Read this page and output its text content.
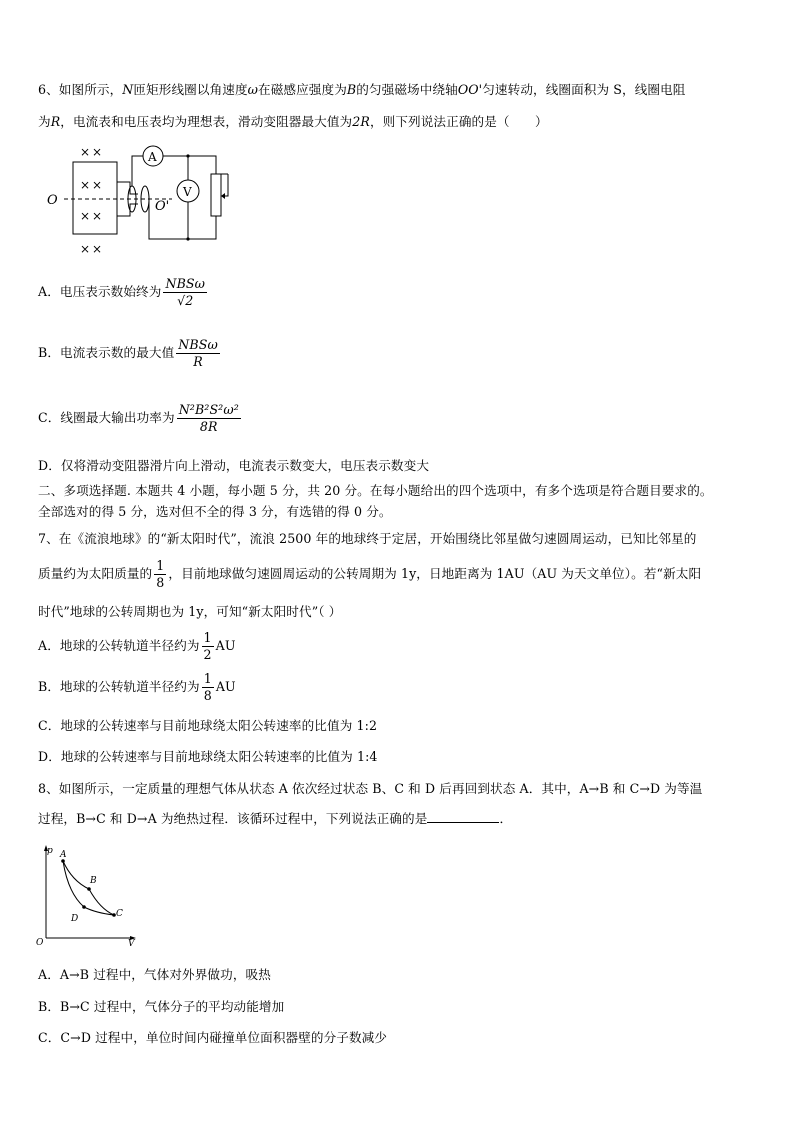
6、如图所示，N匝矩形线圈以角速度ω在磁感应强度为B的匀强磁场中绕轴OO'匀速转动，线圈面积为 S，线圈电阻
为R，电流表和电压表均为理想表，滑动变阻器最大值为2R，则下列说法正确的是（　　）
× ×
× ×
× ×
× ×
O	O'
A
V
A．电压表示数始终为 $\frac{\text{NBSω}}{√2}$
B．电流表示数的最大值 $\frac{\text{NBSω}}{R}$
C．线圈最大输出功率为 $\frac{\text{N²B²S²ω²}}{8R}$
D．仅将滑动变阻器滑片向上滑动，电流表示数变大，电压表示数变大
二、多项选择题. 本题共 4 小题，每小题 5 分，共 20 分。在每小题给出的四个选项中，有多个选项是符合题目要求的。
全部选对的得 5 分，选对但不全的得 3 分，有选错的得 0 分。
7、在《流浪地球》的“新太阳时代”，流浪 2500 年的地球终于定居，开始围绕比邻星做匀速圆周运动，已知比邻星的
质量约为太阳质量的 $\frac{1}{8}$ ，目前地球做匀速圆周运动的公转周期为 1y，日地距离为 1AU（AU 为天文单位）。若“新太阳
时代”地球的公转周期也为 1y，可知“新太阳时代”（ ）
A．地球的公转轨道半径约为 $\frac{1}{2}$ AU
B．地球的公转轨道半径约为 $\frac{1}{8}$ AU
C．地球的公转速率与目前地球绕太阳公转速率的比值为 1:2
D．地球的公转速率与目前地球绕太阳公转速率的比值为 1:4
8、如图所示，一定质量的理想气体从状态 A 依次经过状态 B、C 和 D 后再回到状态 A．其中，A→B 和 C→D 为等温
过程，B→C 和 D→A 为绝热过程．该循环过程中，下列说法正确的是	．
p
V
O
A
B
C
D
A．A→B 过程中，气体对外界做功，吸热
B．B→C 过程中，气体分子的平均动能增加
C．C→D 过程中，单位时间内碰撞单位面积器壁的分子数减少
